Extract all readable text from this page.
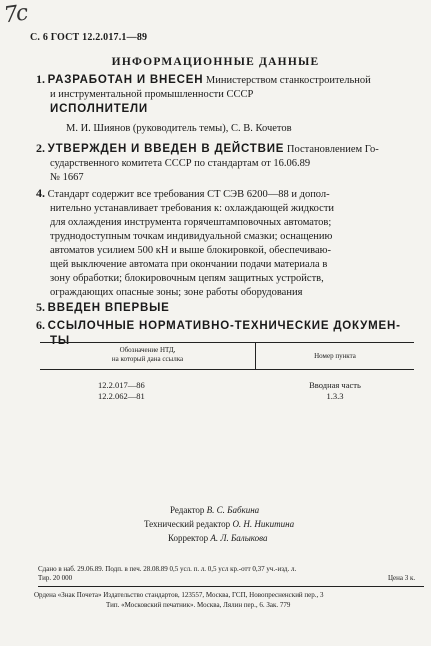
7c
С. 6 ГОСТ 12.2.017.1—89
ИНФОРМАЦИОННЫЕ ДАННЫЕ
1. РАЗРАБОТАН И ВНЕСЕН Министерством станкостроительной
и инструментальной промышленности СССР
ИСПОЛНИТЕЛИ
М. И. Шиянов (руководитель темы), С. В. Кочетов
2. УТВЕРЖДЕН И ВВЕДЕН В ДЕЙСТВИЕ Постановлением Го-
сударственного комитета СССР по стандартам от 16.06.89
№ 1667
4. Стандарт содержит все требования СТ СЭВ 6200—88 и допол-
нительно устанавливает требования к: охлаждающей жидкости
для охлаждения инструмента горячештамповочных автоматов;
труднодоступным точкам индивидуальной смазки; оснащению
автоматов усилием 500 кН и выше блокировкой, обеспечиваю-
щей выключение автомата при окончании подачи материала в
зону обработки; блокировочным цепям защитных устройств,
ограждающих опасные зоны; зоне работы оборудования
5. ВВЕДЕН ВПЕРВЫЕ
6. ССЫЛОЧНЫЕ НОРМАТИВНО-ТЕХНИЧЕСКИЕ ДОКУМЕН-
ТЫ
Обозначение НТД,
на который дана ссылка	Номер пункта
12.2.017—86
12.2.062—81
Вводная часть
1.3.3
Редактор В. С. Бабкина
Технический редактор О. Н. Никитина
Корректор А. Л. Балыкова
Сдано в наб. 29.06.89. Подп. в печ. 28.08.89 0,5 усл. п. л. 0,5 усл кр.-отт 0,37 уч.-изд. л.
Тир. 20 000	Цена 3 к.
Ордена «Знак Почета» Издательство стандартов, 123557, Москва, ГСП, Новопресненский пер., 3
Тип. «Московский печатник». Москва, Лялин пер., 6. Зак. 779
